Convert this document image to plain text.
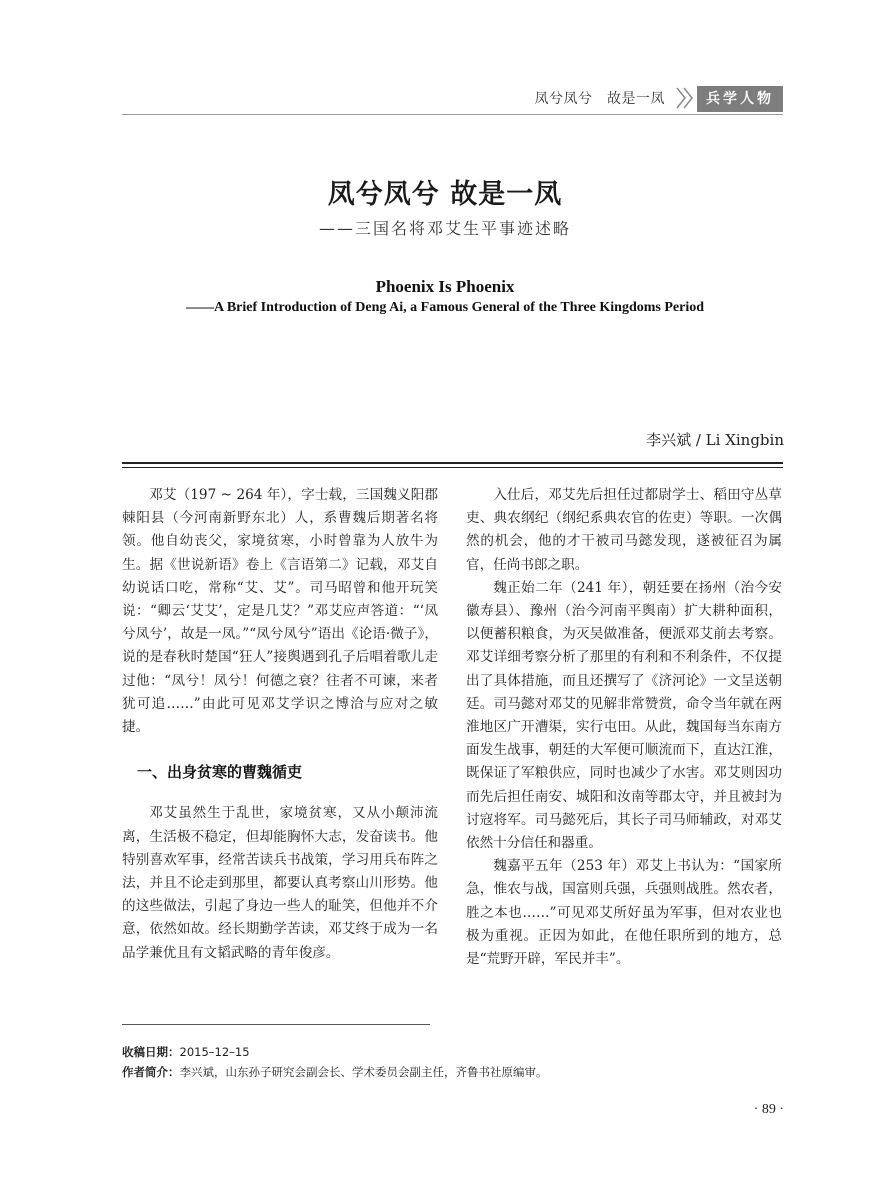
凤兮凤兮　故是一凤	兵学人物
凤兮凤兮 故是一凤
——三国名将邓艾生平事迹述略
Phoenix Is Phoenix
——A Brief Introduction of Deng Ai, a Famous General of the Three Kingdoms Period
李兴斌 / Li Xingbin

邓艾（197 ~ 264 年），字士载，三国魏义阳郡棘阳县（今河南新野东北）人，系曹魏后期著名将领。他自幼丧父，家境贫寒，小时曾靠为人放牛为生。据《世说新语》卷上《言语第二》记载，邓艾自幼说话口吃，常称“艾、艾”。司马昭曾和他开玩笑说：“卿云‘艾艾’，定是几艾？”邓艾应声答道：“‘凤兮凤兮’，故是一凤。”“凤兮凤兮”语出《论语·微子》，说的是春秋时楚国“狂人”接舆遇到孔子后唱着歌儿走过他：“凤兮！凤兮！何德之衰？往者不可谏，来者犹可追……”由此可见邓艾学识之博洽与应对之敏捷。

一、出身贫寒的曹魏循吏

邓艾虽然生于乱世，家境贫寒，又从小颠沛流离，生活极不稳定，但却能胸怀大志，发奋读书。他特别喜欢军事，经常苦读兵书战策，学习用兵布阵之法，并且不论走到那里，都要认真考察山川形势。他的这些做法，引起了身边一些人的耻笑，但他并不介意，依然如故。经长期勤学苦读，邓艾终于成为一名品学兼优且有文韬武略的青年俊彦。

入仕后，邓艾先后担任过都尉学士、稻田守丛草吏、典农纲纪（纲纪系典农官的佐吏）等职。一次偶然的机会，他的才干被司马懿发现，遂被征召为属官，任尚书郎之职。

魏正始二年（241 年），朝廷要在扬州（治今安徽寿县）、豫州（治今河南平舆南）扩大耕种面积，以便蓄积粮食，为灭吴做准备，便派邓艾前去考察。邓艾详细考察分析了那里的有利和不利条件，不仅提出了具体措施，而且还撰写了《济河论》一文呈送朝廷。司马懿对邓艾的见解非常赞赏，命令当年就在两淮地区广开漕渠，实行屯田。从此，魏国每当东南方面发生战事，朝廷的大军便可顺流而下，直达江淮，既保证了军粮供应，同时也减少了水害。邓艾则因功而先后担任南安、城阳和汝南等郡太守，并且被封为讨寇将军。司马懿死后，其长子司马师辅政，对邓艾依然十分信任和器重。

魏嘉平五年（253 年）邓艾上书认为：“国家所急，惟农与战，国富则兵强，兵强则战胜。然农者，胜之本也……”可见邓艾所好虽为军事，但对农业也极为重视。正因为如此，在他任职所到的地方，总是“荒野开辟，军民并丰”。

收稿日期：2015–12–15
作者简介：李兴斌，山东孙子研究会副会长、学术委员会副主任，齐鲁书社原编审。
· 89 ·
